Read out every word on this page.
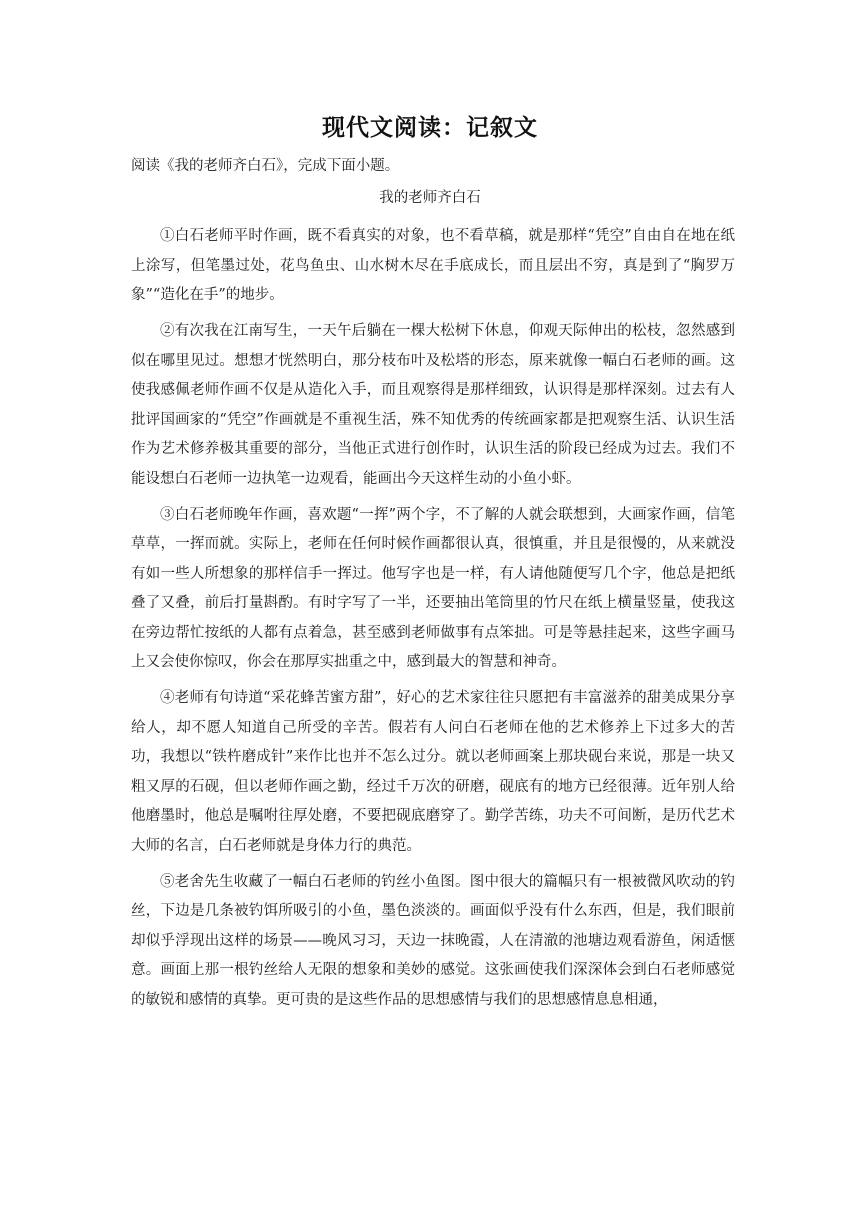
现代文阅读：记叙文
阅读《我的老师齐白石》，完成下面小题。
我的老师齐白石

①白石老师平时作画，既不看真实的对象，也不看草稿，就是那样“凭空”自由自在地在纸上涂写，但笔墨过处，花鸟鱼虫、山水树木尽在手底成长，而且层出不穷，真是到了“胸罗万象”“造化在手”的地步。

②有次我在江南写生，一天午后躺在一棵大松树下休息，仰观天际伸出的松枝，忽然感到似在哪里见过。想想才恍然明白，那分枝布叶及松塔的形态，原来就像一幅白石老师的画。这使我感佩老师作画不仅是从造化入手，而且观察得是那样细致，认识得是那样深刻。过去有人批评国画家的“凭空”作画就是不重视生活，殊不知优秀的传统画家都是把观察生活、认识生活作为艺术修养极其重要的部分，当他正式进行创作时，认识生活的阶段已经成为过去。我们不能设想白石老师一边执笔一边观看，能画出今天这样生动的小鱼小虾。

③白石老师晚年作画，喜欢题“一挥”两个字，不了解的人就会联想到，大画家作画，信笔草草，一挥而就。实际上，老师在任何时候作画都很认真，很慎重，并且是很慢的，从来就没有如一些人所想象的那样信手一挥过。他写字也是一样，有人请他随便写几个字，他总是把纸叠了又叠，前后打量斟酌。有时字写了一半，还要抽出笔筒里的竹尺在纸上横量竖量，使我这在旁边帮忙按纸的人都有点着急，甚至感到老师做事有点笨拙。可是等悬挂起来，这些字画马上又会使你惊叹，你会在那厚实拙重之中，感到最大的智慧和神奇。

④老师有句诗道“采花蜂苦蜜方甜”，好心的艺术家往往只愿把有丰富滋养的甜美成果分享给人，却不愿人知道自己所受的辛苦。假若有人问白石老师在他的艺术修养上下过多大的苦功，我想以“铁杵磨成针”来作比也并不怎么过分。就以老师画案上那块砚台来说，那是一块又粗又厚的石砚，但以老师作画之勤，经过千万次的研磨，砚底有的地方已经很薄。近年别人给他磨墨时，他总是嘱咐往厚处磨，不要把砚底磨穿了。勤学苦练，功夫不可间断，是历代艺术大师的名言，白石老师就是身体力行的典范。

⑤老舍先生收藏了一幅白石老师的钓丝小鱼图。图中很大的篇幅只有一根被微风吹动的钓丝，下边是几条被钓饵所吸引的小鱼，墨色淡淡的。画面似乎没有什么东西，但是，我们眼前却似乎浮现出这样的场景——晚风习习，天边一抹晚霞，人在清澈的池塘边观看游鱼，闲适惬意。画面上那一根钓丝给人无限的想象和美妙的感觉。这张画使我们深深体会到白石老师感觉的敏锐和感情的真挚。更可贵的是这些作品的思想感情与我们的思想感情息息相通，
